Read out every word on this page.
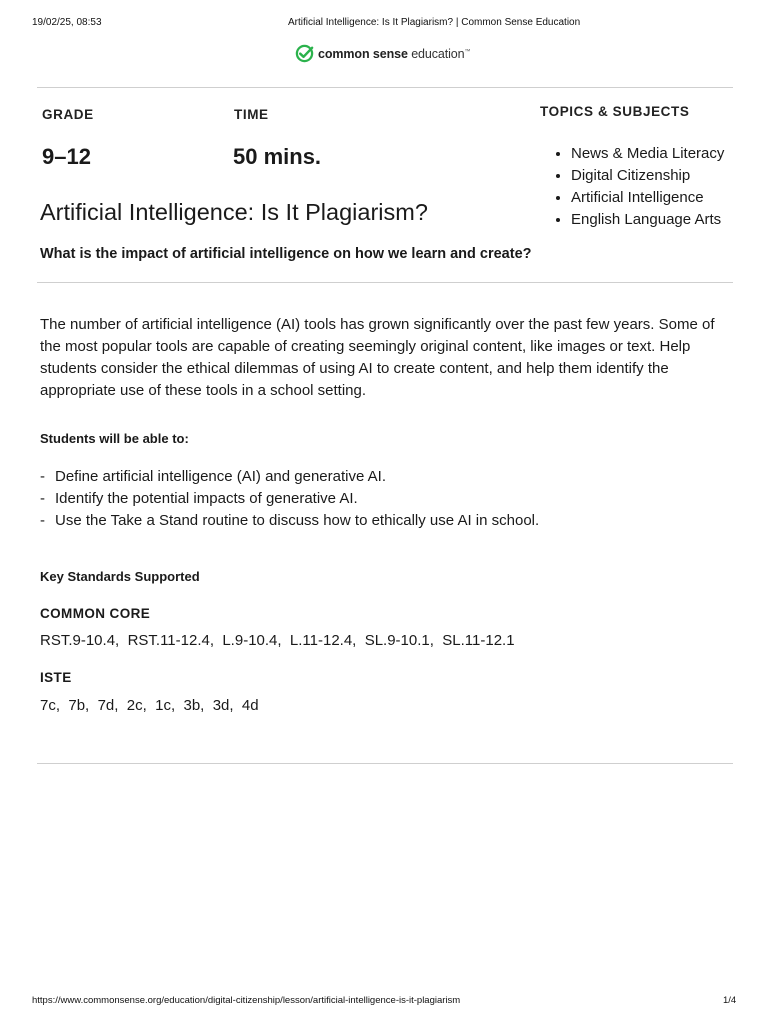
19/02/25, 08:53	Artificial Intelligence: Is It Plagiarism? | Common Sense Education
common sense education™
GRADE
9–12
TIME
50 mins.
TOPICS & SUBJECTS
• News & Media Literacy
• Digital Citizenship
• Artificial Intelligence
• English Language Arts
Artificial Intelligence: Is It Plagiarism?
What is the impact of artificial intelligence on how we learn and create?
The number of artificial intelligence (AI) tools has grown significantly over the past few years. Some of
the most popular tools are capable of creating seemingly original content, like images or text. Help
students consider the ethical dilemmas of using AI to create content, and help them identify the
appropriate use of these tools in a school setting.
Students will be able to:
- Define artificial intelligence (AI) and generative AI.
- Identify the potential impacts of generative AI.
- Use the Take a Stand routine to discuss how to ethically use AI in school.
Key Standards Supported
COMMON CORE
RST.9-10.4,
RST.11-12.4,
L.9-10.4,
L.11-12.4,
SL.9-10.1,
SL.11-12.1
ISTE
7c,
7b,
7d,
2c,
1c,
3b,
3d,
4d
https://www.commonsense.org/education/digital-citizenship/lesson/artificial-intelligence-is-it-plagiarism	1/4
